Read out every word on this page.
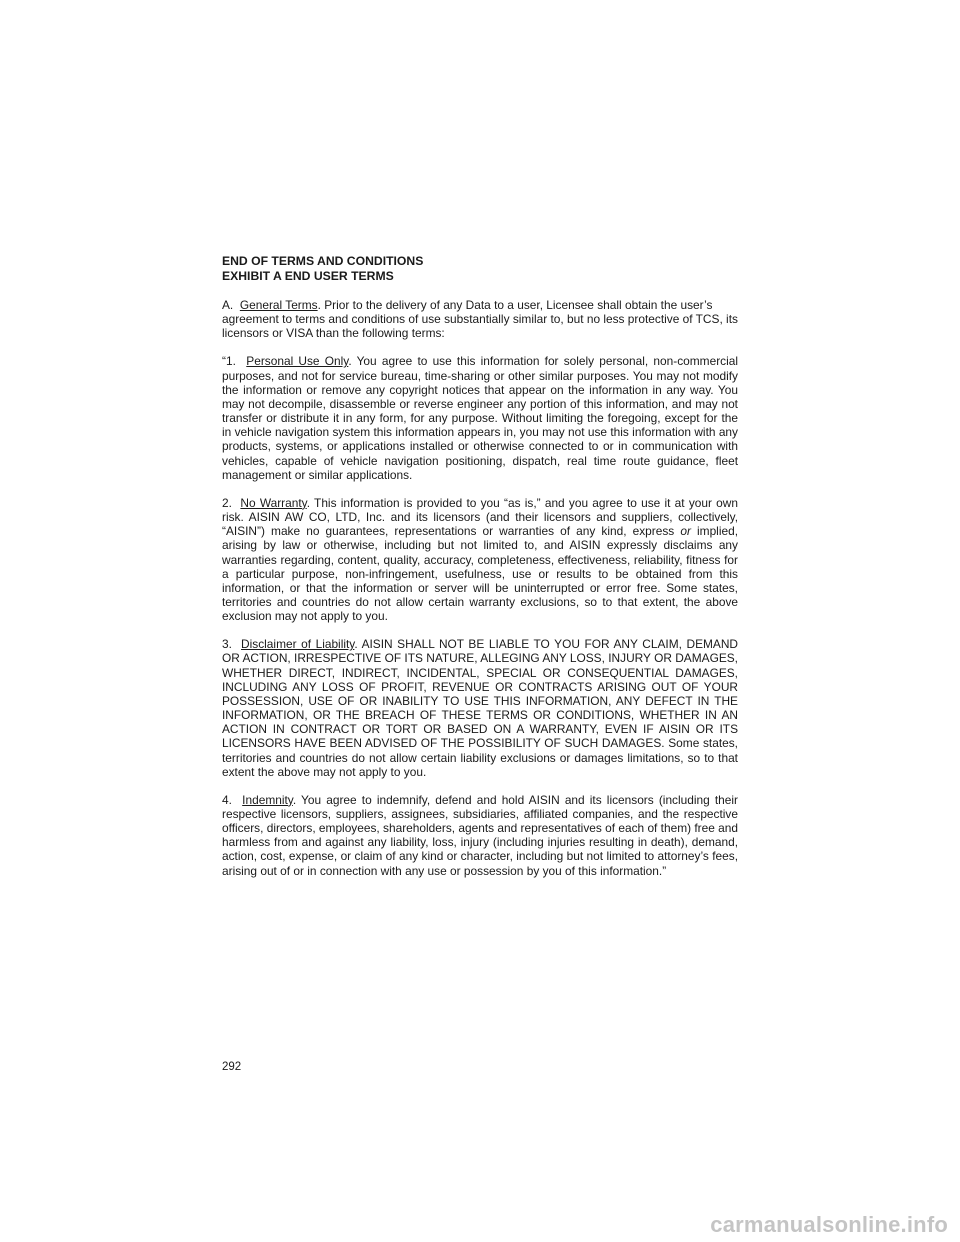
END OF TERMS AND CONDITIONS

EXHIBIT A END USER TERMS

A. General Terms. Prior to the delivery of any Data to a user, Licensee shall obtain the user’s agreement to terms and conditions of use substantially similar to, but no less protective of TCS, its licensors or VISA than the following terms:

“1. Personal Use Only. You agree to use this information for solely personal, non-commercial purposes, and not for service bureau, time-sharing or other similar purposes. You may not modify the information or remove any copyright notices that appear on the information in any way. You may not decompile, disassemble or reverse engineer any portion of this information, and may not transfer or distribute it in any form, for any purpose. Without limiting the foregoing, except for the in vehicle navigation system this information appears in, you may not use this information with any products, systems, or applications installed or otherwise connected to or in communication with vehicles, capable of vehicle navigation positioning, dispatch, real time route guidance, fleet management or similar applications.

2. No Warranty. This information is provided to you “as is,” and you agree to use it at your own risk. AISIN AW CO, LTD, Inc. and its licensors (and their licensors and suppliers, collectively, “AISIN”) make no guarantees, representations or warranties of any kind, express or implied, arising by law or otherwise, including but not limited to, and AISIN expressly disclaims any warranties regarding, content, quality, accuracy, completeness, effectiveness, reliability, fitness for a particular purpose, non-infringement, usefulness, use or results to be obtained from this information, or that the information or server will be uninterrupted or error free. Some states, territories and countries do not allow certain warranty exclusions, so to that extent, the above exclusion may not apply to you.

3. Disclaimer of Liability. AISIN SHALL NOT BE LIABLE TO YOU FOR ANY CLAIM, DEMAND OR ACTION, IRRESPECTIVE OF ITS NATURE, ALLEGING ANY LOSS, INJURY OR DAMAGES, WHETHER DIRECT, INDIRECT, INCIDENTAL, SPECIAL OR CONSEQUENTIAL DAMAGES, INCLUDING ANY LOSS OF PROFIT, REVENUE OR CONTRACTS ARISING OUT OF YOUR POSSESSION, USE OF OR INABILITY TO USE THIS INFORMATION, ANY DEFECT IN THE INFORMATION, OR THE BREACH OF THESE TERMS OR CONDITIONS, WHETHER IN AN ACTION IN CONTRACT OR TORT OR BASED ON A WARRANTY, EVEN IF AISIN OR ITS LICENSORS HAVE BEEN ADVISED OF THE POSSIBILITY OF SUCH DAMAGES. Some states, territories and countries do not allow certain liability exclusions or damages limitations, so to that extent the above may not apply to you.

4. Indemnity. You agree to indemnify, defend and hold AISIN and its licensors (including their respective licensors, suppliers, assignees, subsidiaries, affiliated companies, and the respective officers, directors, employees, shareholders, agents and representatives of each of them) free and harmless from and against any liability, loss, injury (including injuries resulting in death), demand, action, cost, expense, or claim of any kind or character, including but not limited to attorney’s fees, arising out of or in connection with any use or possession by you of this information.”

292
carmanualsonline.info
